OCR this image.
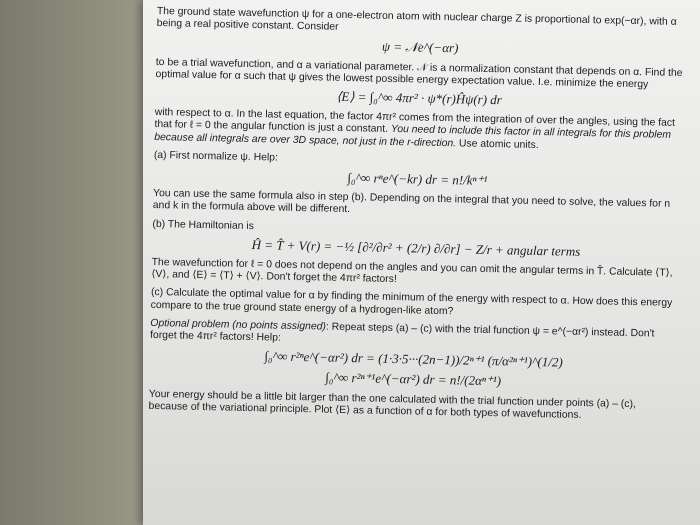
The ground state wavefunction ψ for a one-electron atom with nuclear charge Z is proportional to exp(−αr), with α being a real positive constant. Consider

ψ = 𝒩e^(−αr)

to be a trial wavefunction, and α a variational parameter. 𝒩 is a normalization constant that depends on α. Find the optimal value for α such that ψ gives the lowest possible energy expectation value. I.e. minimize the energy

⟨E⟩ = ∫₀^∞ 4πr² · ψ*(r)Ĥψ(r) dr

with respect to α. In the last equation, the factor 4πr² comes from the integration of over the angles, using the fact that for ℓ = 0 the angular function is just a constant. You need to include this factor in all integrals for this problem because all integrals are over 3D space, not just in the r-direction. Use atomic units.

(a) First normalize ψ. Help:

∫₀^∞ rⁿe^(−kr) dr = n!/kⁿ⁺¹

You can use the same formula also in step (b). Depending on the integral that you need to solve, the values for n and k in the formula above will be different.

(b) The Hamiltonian is

Ĥ = T̂ + V(r) = −½ [∂²/∂r² + (2/r) ∂/∂r] − Z/r + angular terms

The wavefunction for ℓ = 0 does not depend on the angles and you can omit the angular terms in T̂. Calculate ⟨T⟩, ⟨V⟩, and ⟨E⟩ = ⟨T⟩ + ⟨V⟩. Don't forget the 4πr² factors!

(c) Calculate the optimal value for α by finding the minimum of the energy with respect to α. How does this energy compare to the true ground state energy of a hydrogen-like atom?

Optional problem (no points assigned): Repeat steps (a) – (c) with the trial function ψ = e^(−αr²) instead. Don't forget the 4πr² factors! Help:

∫₀^∞ r²ⁿe^(−αr²) dr = (1·3·5···(2n−1))/2ⁿ⁺¹ (π/α²ⁿ⁺¹)^(1/2)
∫₀^∞ r²ⁿ⁺¹e^(−αr²) dr = n!/(2αⁿ⁺¹)

Your energy should be a little bit larger than the one calculated with the trial function under points (a) – (c), because of the variational principle. Plot ⟨E⟩ as a function of α for both types of wavefunctions.
